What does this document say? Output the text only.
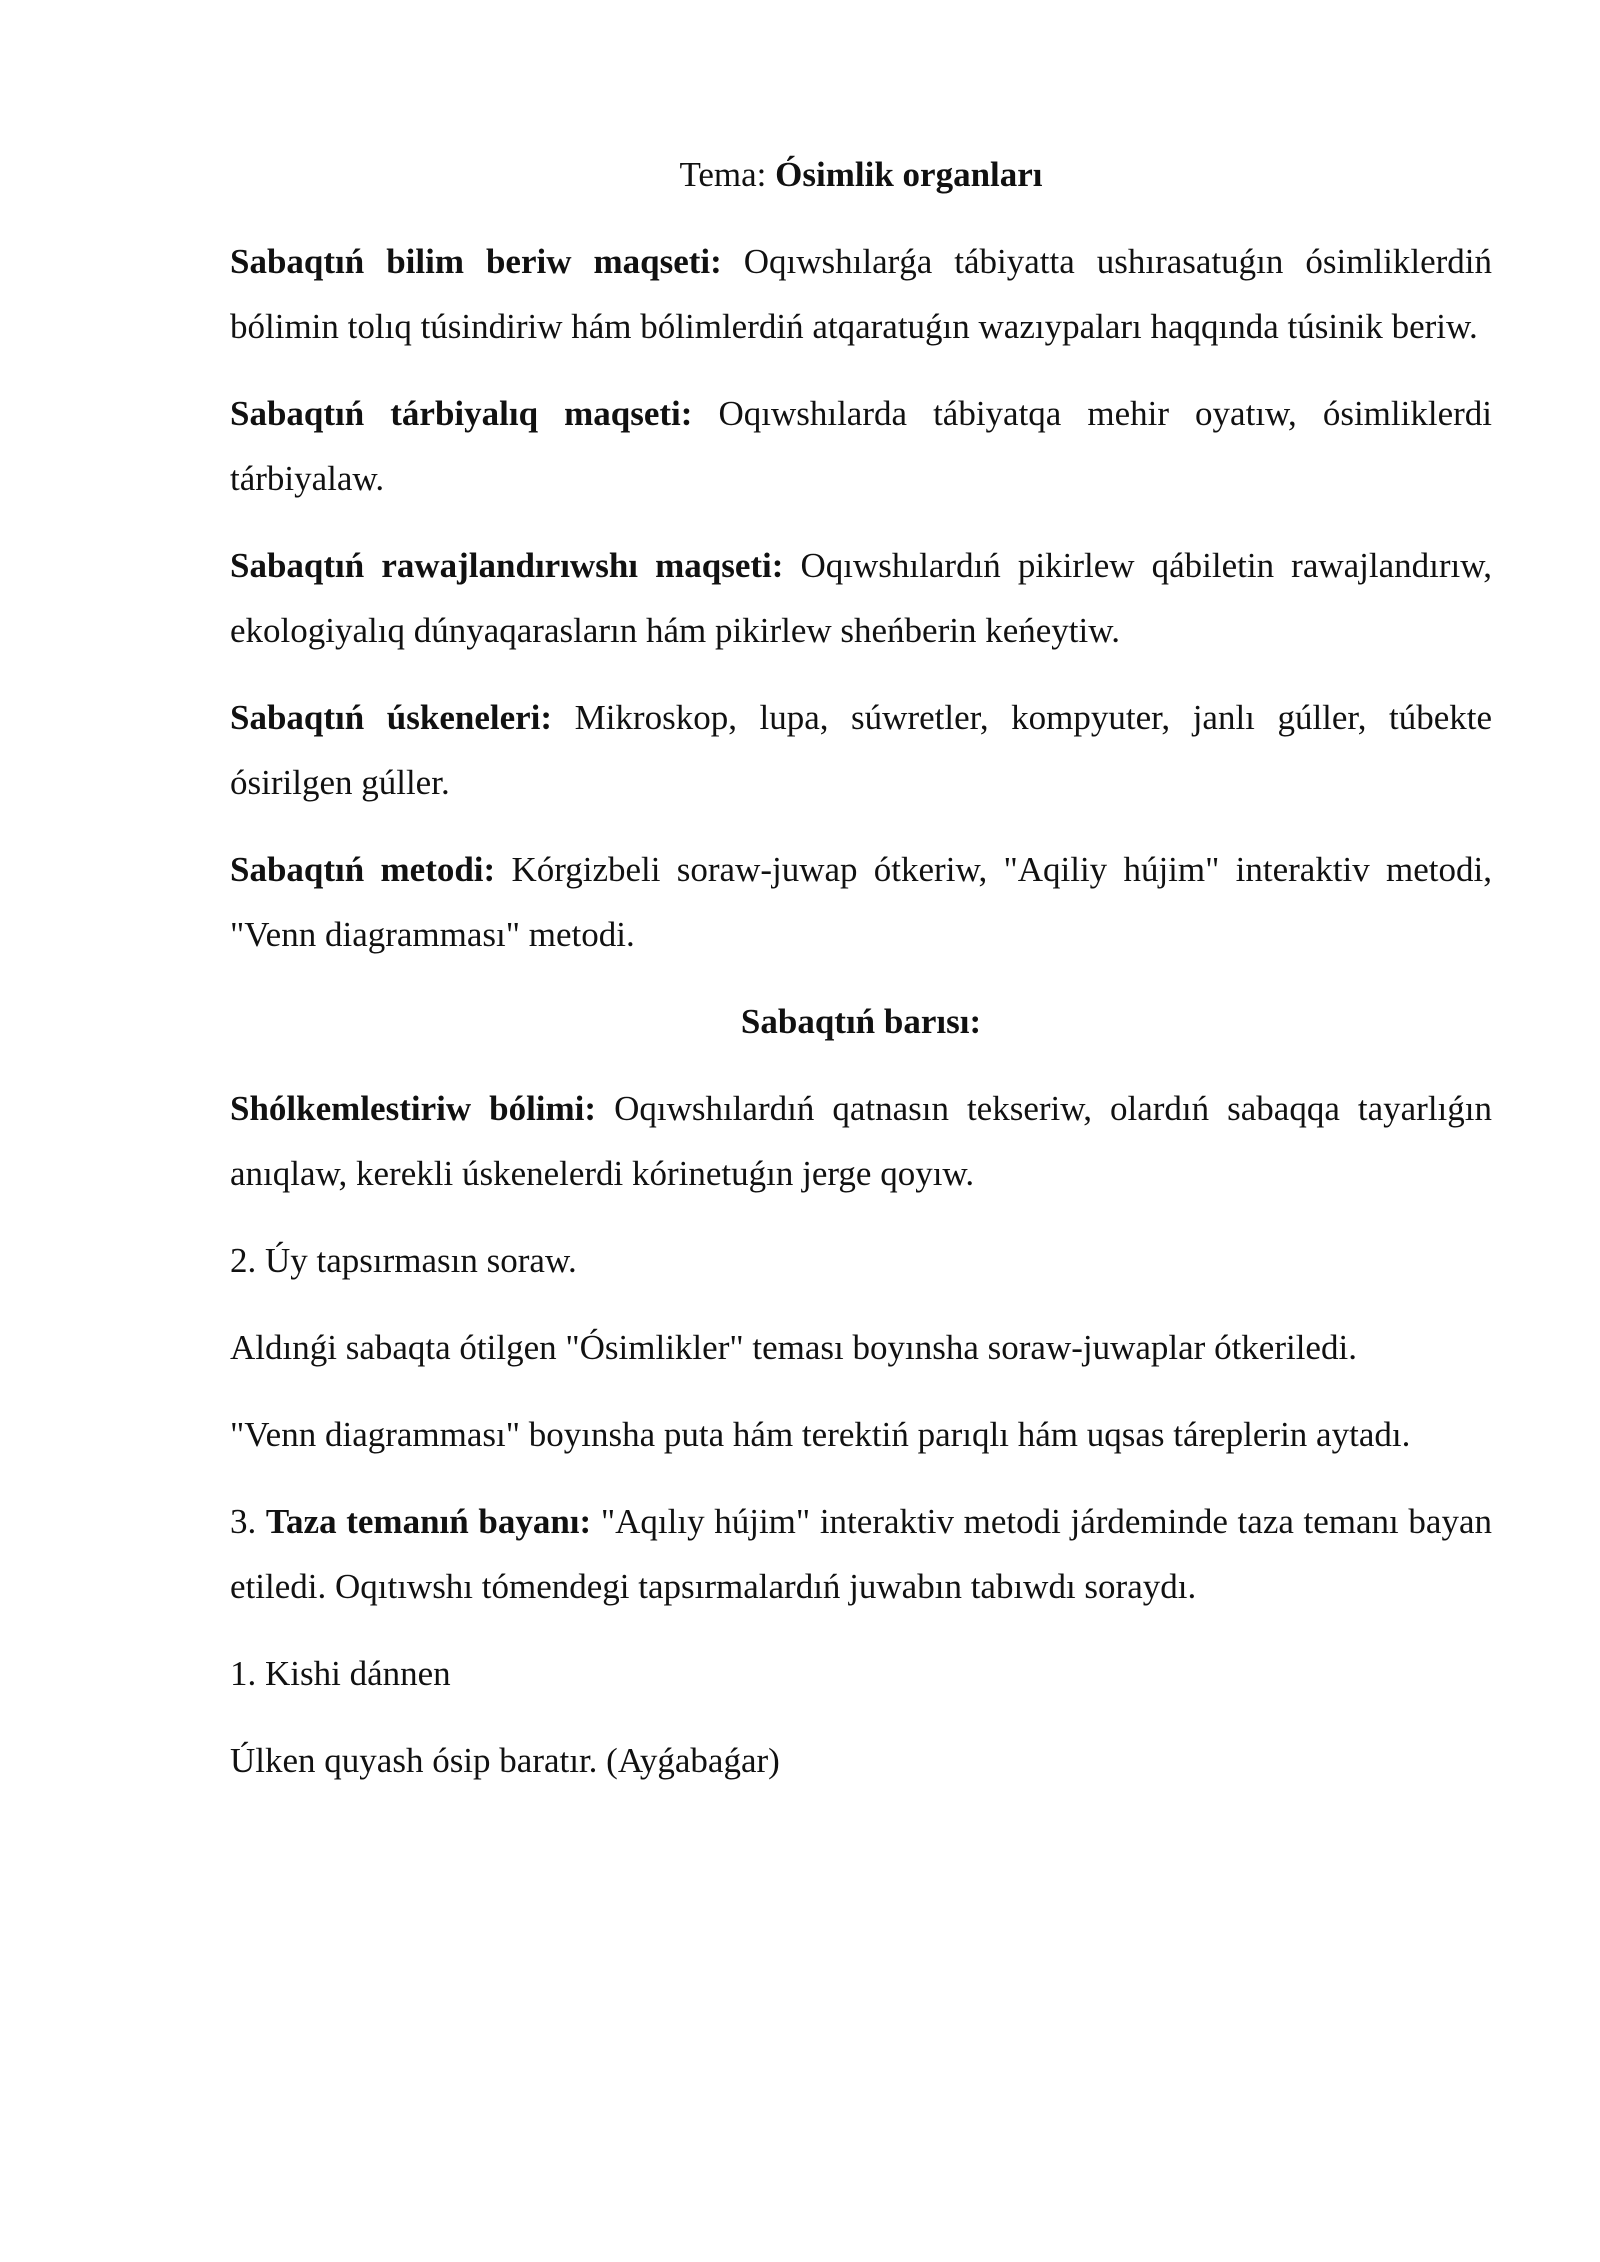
Tema: Ósimlik organları

Sabaqtıń bilim beriw maqseti: Oqıwshılarǵa tábiyatta ushırasatuǵın ósimliklerdiń bólimin tolıq túsindiriw hám bólimlerdiń atqaratuǵın wazıypaları haqqında túsinik beriw.

Sabaqtıń tárbiyalıq maqseti: Oqıwshılarda tábiyatqa mehir oyatıw, ósimliklerdi tárbiyalaw.

Sabaqtıń rawajlandırıwshı maqseti: Oqıwshılardıń pikirlew qábiletin rawajlandırıw, ekologiyalıq dúnyaqarasların hám pikirlew sheńberin keńeytiw.

Sabaqtıń úskeneleri: Mikroskop, lupa, súwretler, kompyuter, janlı gúller, túbekte ósirilgen gúller.

Sabaqtıń metodi: Kórgizbeli soraw-juwap ótkeriw, "Aqiliy hújim" interaktiv metodi, "Venn diagramması" metodi.

Sabaqtıń barısı:

Shólkemlestiriw bólimi: Oqıwshılardıń qatnasın tekseriw, olardıń sabaqqa tayarlıǵın anıqlaw, kerekli úskenelerdi kórinetuǵın jerge qoyıw.

2. Úy tapsırmasın soraw.

Aldınǵi sabaqta ótilgen "Ósimlikler" teması boyınsha soraw-juwaplar ótkeriledi.

"Venn diagramması" boyınsha puta hám terektiń parıqlı hám uqsas táreplerin aytadı.

3. Taza temanıń bayanı: "Aqılıy hújim" interaktiv metodi járdeminde taza temanı bayan etiledi. Oqıtıwshı tómendegi tapsırmalardıń juwabın tabıwdı soraydı.

1. Kishi dánnen

Úlken quyash ósip baratır. (Ayǵabaǵar)
